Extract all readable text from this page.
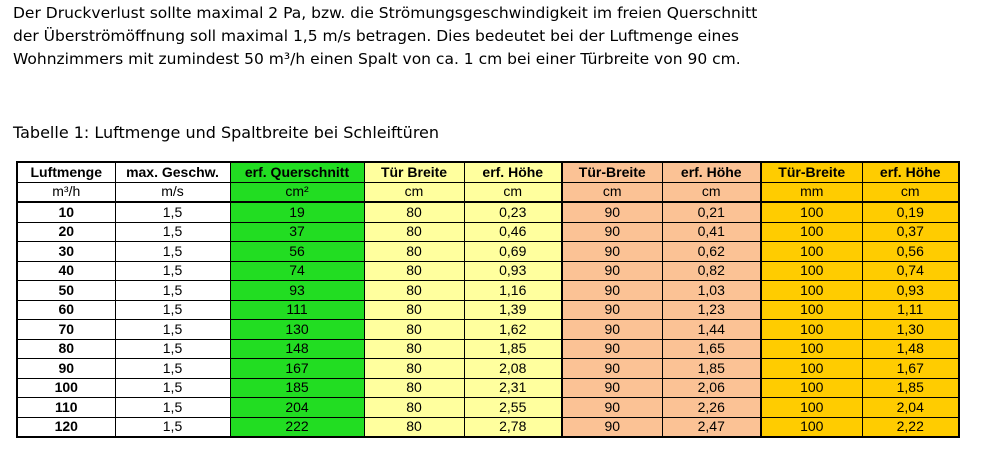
Der Druckverlust sollte maximal 2 Pa, bzw. die Strömungsgeschwindigkeit im freien Querschnitt

der Überströmöffnung soll maximal 1,5 m/s betragen. Dies bedeutet bei der Luftmenge eines

Wohnzimmers mit zumindest 50 m³/h einen Spalt von ca. 1 cm bei einer Türbreite von 90 cm.

Tabelle 1: Luftmenge und Spaltbreite bei Schleiftüren
Luftmenge	max. Geschw.	erf. Querschnitt	Tür Breite	erf. Höhe	Tür-Breite	erf. Höhe	Tür-Breite	erf. Höhe
m³/h	m/s	cm²	cm	cm	cm	cm	mm	cm
10	1,5	19	80	0,23	90	0,21	100	0,19
20	1,5	37	80	0,46	90	0,41	100	0,37
30	1,5	56	80	0,69	90	0,62	100	0,56
40	1,5	74	80	0,93	90	0,82	100	0,74
50	1,5	93	80	1,16	90	1,03	100	0,93
60	1,5	111	80	1,39	90	1,23	100	1,11
70	1,5	130	80	1,62	90	1,44	100	1,30
80	1,5	148	80	1,85	90	1,65	100	1,48
90	1,5	167	80	2,08	90	1,85	100	1,67
100	1,5	185	80	2,31	90	2,06	100	1,85
110	1,5	204	80	2,55	90	2,26	100	2,04
120	1,5	222	80	2,78	90	2,47	100	2,22
